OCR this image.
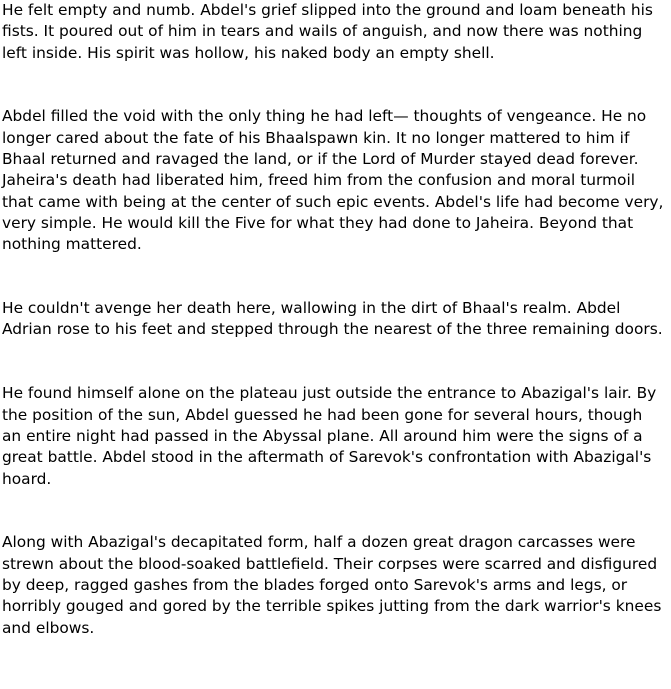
He felt empty and numb. Abdel's grief slipped into the ground and loam beneath his
fists. It poured out of him in tears and wails of anguish, and now there was nothing
left inside. His spirit was hollow, his naked body an empty shell.
Abdel filled the void with the only thing he had left— thoughts of vengeance. He no
longer cared about the fate of his Bhaalspawn kin. It no longer mattered to him if
Bhaal returned and ravaged the land, or if the Lord of Murder stayed dead forever.
Jaheira's death had liberated him, freed him from the confusion and moral turmoil
that came with being at the center of such epic events. Abdel's life had become very,
very simple. He would kill the Five for what they had done to Jaheira. Beyond that
nothing mattered.
He couldn't avenge her death here, wallowing in the dirt of Bhaal's realm. Abdel
Adrian rose to his feet and stepped through the nearest of the three remaining doors.
He found himself alone on the plateau just outside the entrance to Abazigal's lair. By
the position of the sun, Abdel guessed he had been gone for several hours, though
an entire night had passed in the Abyssal plane. All around him were the signs of a
great battle. Abdel stood in the aftermath of Sarevok's confrontation with Abazigal's
hoard.
Along with Abazigal's decapitated form, half a dozen great dragon carcasses were
strewn about the blood-soaked battlefield. Their corpses were scarred and disfigured
by deep, ragged gashes from the blades forged onto Sarevok's arms and legs, or
horribly gouged and gored by the terrible spikes jutting from the dark warrior's knees
and elbows.
